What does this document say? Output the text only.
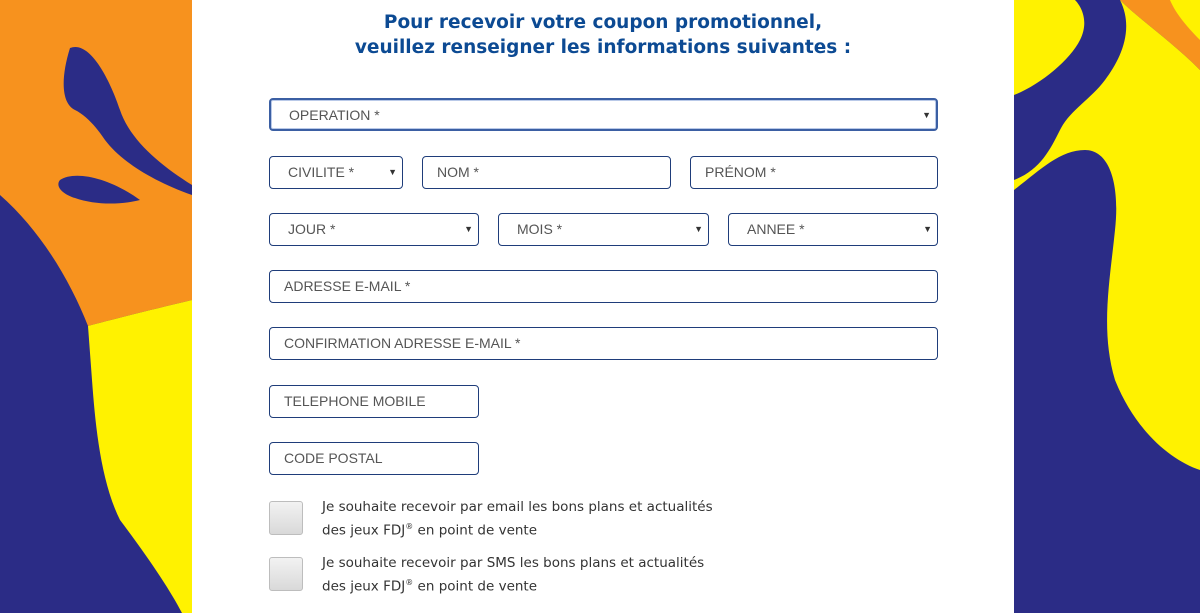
Pour recevoir votre coupon promotionnel,
veuillez renseigner les informations suivantes :
OPERATION *	▼
CIVILITE *	▼	NOM *	PRÉNOM *
JOUR *	▼	MOIS *	▼	ANNEE *	▼
ADRESSE E-MAIL *
CONFIRMATION ADRESSE E-MAIL *
TELEPHONE MOBILE
CODE POSTAL
Je souhaite recevoir par email les bons plans et actualités
des jeux FDJ® en point de vente
Je souhaite recevoir par SMS les bons plans et actualités
des jeux FDJ® en point de vente
